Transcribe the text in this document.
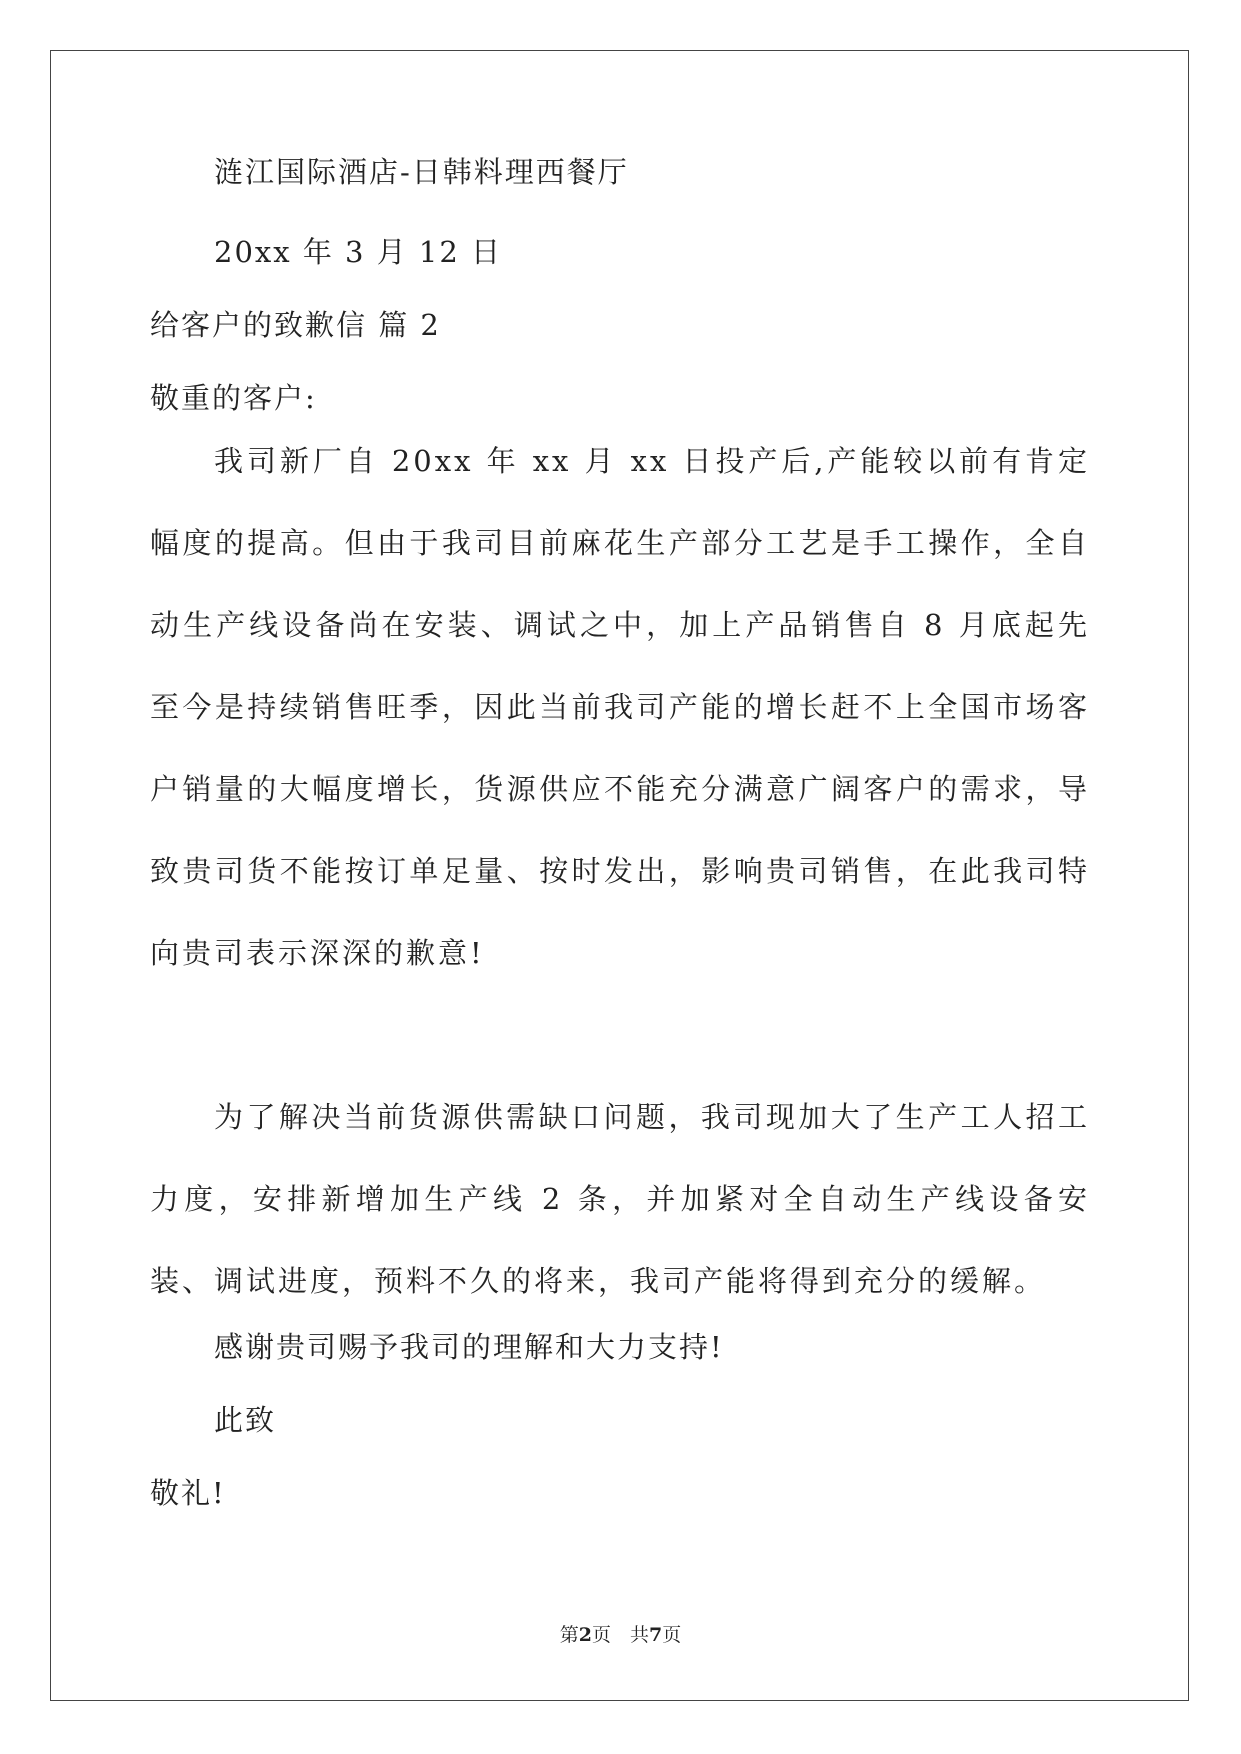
涟江国际酒店-日韩料理西餐厅
20xx 年 3 月 12 日
给客户的致歉信 篇 2
敬重的客户:
我司新厂自 20xx 年 xx 月 xx 日投产后,产能较以前有肯定幅度的提高。但由于我司目前麻花生产部分工艺是手工操作，全自动生产线设备尚在安装、调试之中，加上产品销售自 8 月底起先至今是持续销售旺季，因此当前我司产能的增长赶不上全国市场客户销量的大幅度增长，货源供应不能充分满意广阔客户的需求，导致贵司货不能按订单足量、按时发出，影响贵司销售，在此我司特向贵司表示深深的歉意!
为了解决当前货源供需缺口问题，我司现加大了生产工人招工力度，安排新增加生产线 2 条，并加紧对全自动生产线设备安装、调试进度，预料不久的将来，我司产能将得到充分的缓解。
感谢贵司赐予我司的理解和大力支持!
此致
敬礼!
第2页　共7页
